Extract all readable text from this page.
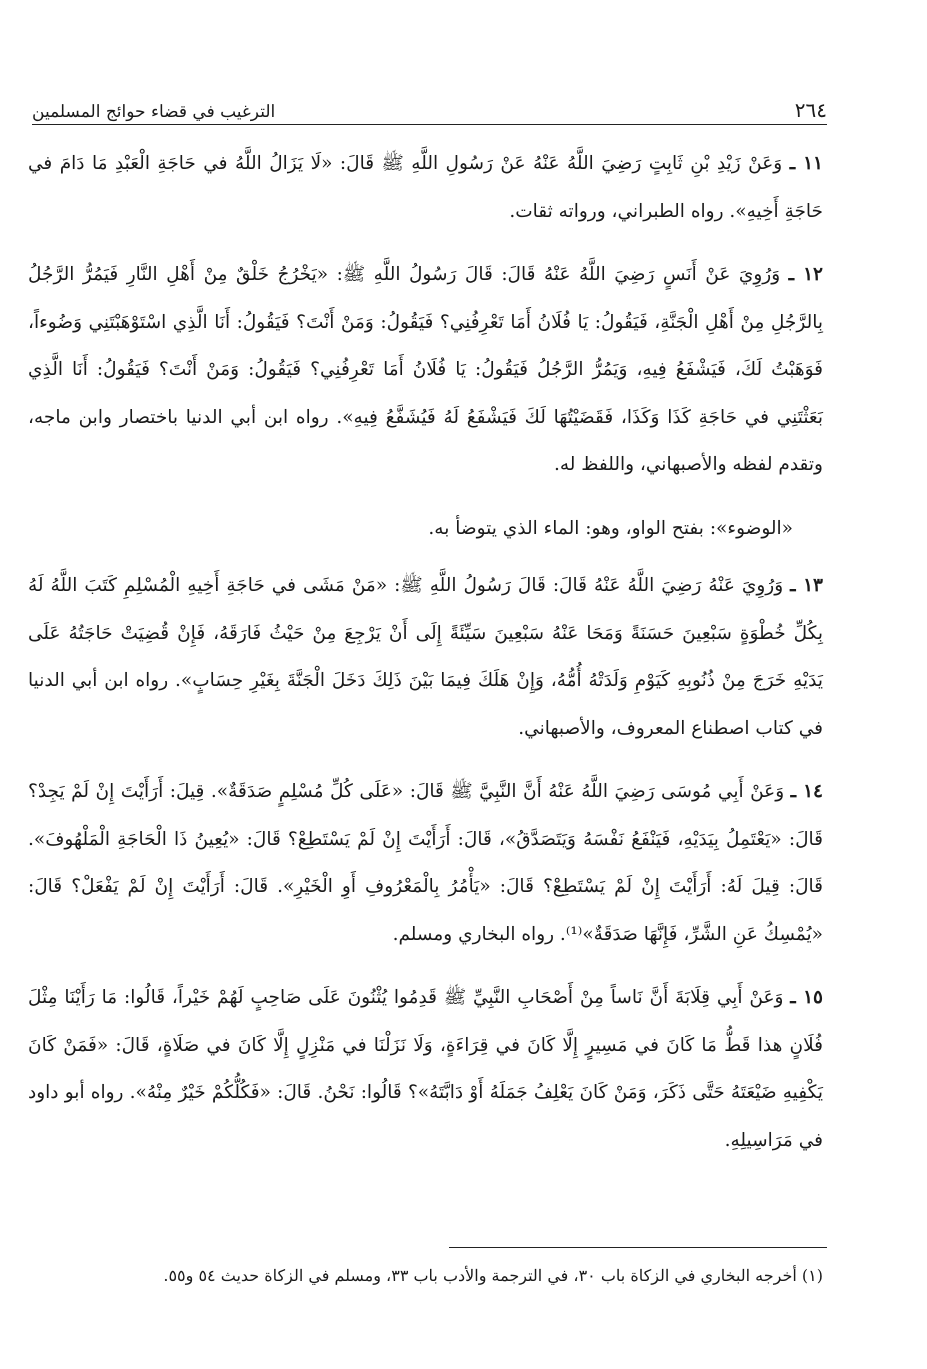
٢٦٤
الترغيب في قضاء حوائج المسلمين

١١ ـ وَعَنْ زَيْدِ بْنِ ثَابِتٍ رَضِيَ اللَّهُ عَنْهُ عَنْ رَسُولِ اللَّهِ ﷺ قَالَ: «لَا يَزَالُ اللَّهُ في حَاجَةِ الْعَبْدِ مَا دَامَ في حَاجَةِ أَخِيهِ». رواه الطبراني، ورواته ثقات.

١٢ ـ وَرُوِيَ عَنْ أَنَسٍ رَضِيَ اللَّهُ عَنْهُ قَالَ: قَالَ رَسُولُ اللَّهِ ﷺ: «يَخْرُجُ خَلْقٌ مِنْ أَهْلِ النَّارِ فَيَمُرُّ الرَّجُلُ بِالرَّجُلِ مِنْ أَهْلِ الْجَنَّةِ، فَيَقُولُ: يَا فُلَانُ أَمَا تَعْرِفُنِي؟ فَيَقُولُ: وَمَنْ أَنْتَ؟ فَيَقُولُ: أَنَا الَّذِي اسْتَوْهَبْتَنِي وَضُوءاً، فَوَهَبْتُ لَكَ، فَيَشْفَعُ فِيهِ، وَيَمُرُّ الرَّجُلُ فَيَقُولُ: يَا فُلَانُ أَمَا تَعْرِفُنِي؟ فَيَقُولُ: وَمَنْ أَنْتَ؟ فَيَقُولُ: أَنَا الَّذِي بَعَثْتَنِي في حَاجَةِ كَذَا وَكَذَا، فَقَضَيْتُهَا لَكَ فَيَشْفَعُ لَهُ فَيُشَفَّعُ فِيهِ». رواه ابن أبي الدنيا باختصار وابن ماجه، وتقدم لفظه والأصبهاني، واللفظ له.

«الوضوء»: بفتح الواو، وهو: الماء الذي يتوضأ به.

١٣ ـ وَرُوِيَ عَنْهُ رَضِيَ اللَّهُ عَنْهُ قَالَ: قَالَ رَسُولُ اللَّهِ ﷺ: «مَنْ مَشَى في حَاجَةِ أَخِيهِ الْمُسْلِمِ كَتَبَ اللَّهُ لَهُ بِكُلِّ خُطْوَةٍ سَبْعِينَ حَسَنَةً وَمَحَا عَنْهُ سَبْعِينَ سَيِّئَةً إِلَى أَنْ يَرْجِعَ مِنْ حَيْثُ فَارَقَهُ، فَإِنْ قُضِيَتْ حَاجَتُهُ عَلَى يَدَيْهِ خَرَجَ مِنْ ذُنُوبِهِ كَيَوْمِ وَلَدَتْهُ أُمُّهُ، وَإِنْ هَلَكَ فِيمَا بَيْنَ ذَلِكَ دَخَلَ الْجَنَّةَ بِغَيْرِ حِسَابٍ». رواه ابن أبي الدنيا في كتاب اصطناع المعروف، والأصبهاني.

١٤ ـ وَعَنْ أَبِي مُوسَى رَضِيَ اللَّهُ عَنْهُ أَنَّ النَّبِيَّ ﷺ قَالَ: «عَلَى كُلِّ مُسْلِمٍ صَدَقَةٌ». قِيلَ: أَرَأَيْتَ إِنْ لَمْ يَجِدْ؟ قَالَ: «يَعْتَمِلُ بِيَدَيْهِ، فَيَنْفَعُ نَفْسَهُ وَيَتَصَدَّقُ»، قَالَ: أَرَأَيْتَ إِنْ لَمْ يَسْتَطِعْ؟ قَالَ: «يُعِينُ ذَا الْحَاجَةِ الْمَلْهُوفَ». قَالَ: قِيلَ لَهُ: أَرَأَيْتَ إِنْ لَمْ يَسْتَطِعْ؟ قَالَ: «يَأْمُرُ بِالْمَعْرُوفِ أَوِ الْخَيْرِ». قَالَ: أَرَأَيْتَ إِنْ لَمْ يَفْعَلْ؟ قَالَ: «يُمْسِكُ عَنِ الشَّرِّ، فَإِنَّهَا صَدَقَةٌ»⁽¹⁾. رواه البخاري ومسلم.

١٥ ـ وَعَنْ أَبِي قِلَابَةَ أَنَّ نَاساً مِنْ أَصْحَابِ النَّبِيِّ ﷺ قَدِمُوا يُثْنُونَ عَلَى صَاحِبٍ لَهُمْ خَيْراً، قَالُوا: مَا رَأَيْنَا مِثْلَ فُلَانٍ هذا قَطُّ مَا كَانَ في مَسِيرٍ إِلَّا كَانَ في قِرَاءَةٍ، وَلَا نَزَلْنَا في مَنْزِلٍ إِلَّا كَانَ في صَلَاةٍ، قَالَ: «فَمَنْ كَانَ يَكْفِيهِ ضَيْعَتَهُ حَتَّى ذَكَرَ، وَمَنْ كَانَ يَعْلِفُ جَمَلَهُ أَوْ دَابَّتَهُ»؟ قَالُوا: نَحْنُ. قَالَ: «فَكُلُّكُمْ خَيْرٌ مِنْهُ». رواه أبو داود في مَرَاسِيلِهِ.

(١) أخرجه البخاري في الزكاة باب ٣٠، في الترجمة والأدب باب ٣٣، ومسلم في الزكاة حديث ٥٤ و٥٥.
